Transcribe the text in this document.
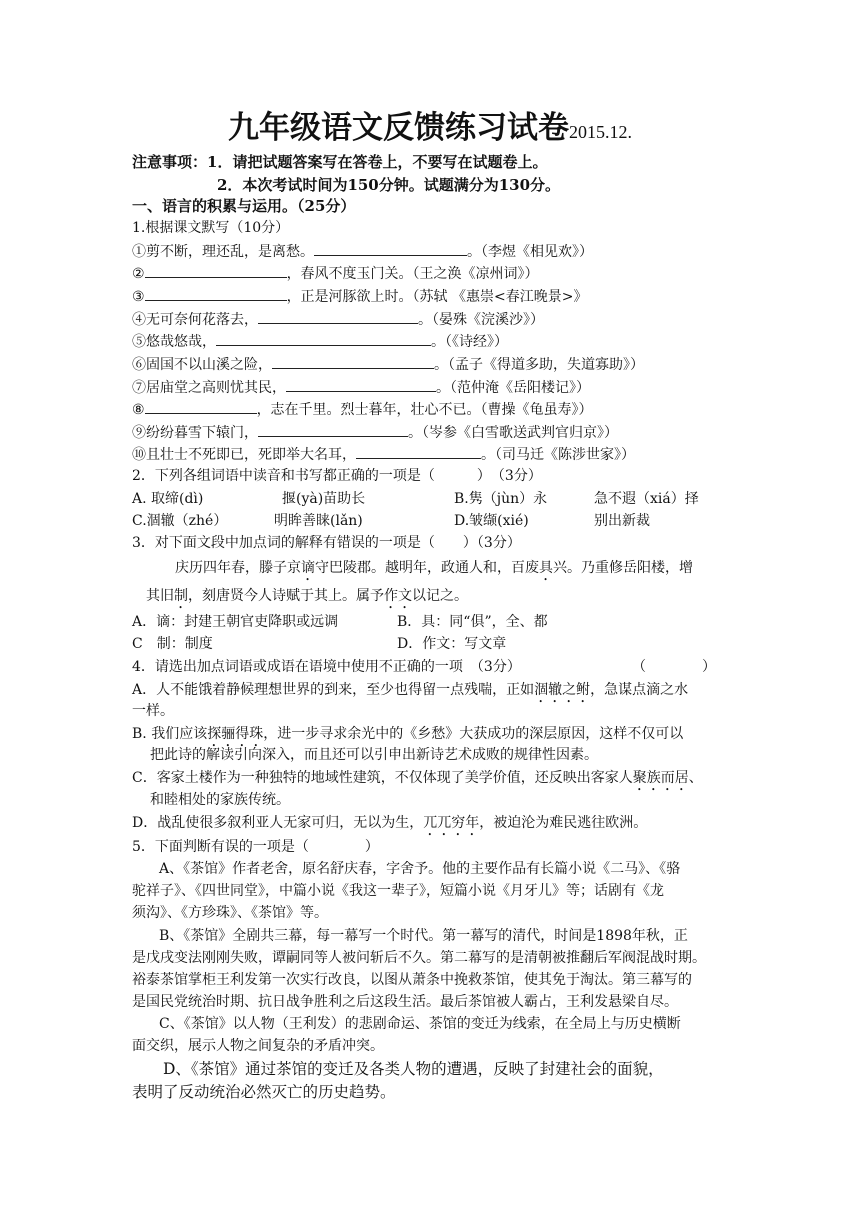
九年级语文反馈练习试卷2015.12.
注意事项：1．请把试题答案写在答卷上，不要写在试题卷上。
2．本次考试时间为150分钟。试题满分为130分。
一、语言的积累与运用。（25分）
1.根据课文默写（10分）
①剪不断，理还乱，是离愁。	。（李煜《相见欢》）
②	，春风不度玉门关。（王之涣《凉州词》）
③	，正是河豚欲上时。（苏轼 《惠崇<春江晚景>》
④无可奈何花落去，	。（晏殊《浣溪沙》）
⑤悠哉悠哉，	。（《诗经》）
⑥固国不以山溪之险，	。（孟子《得道多助，失道寡助》）
⑦居庙堂之高则忧其民，	。（范仲淹《岳阳楼记》）
⑧	，志在千里。烈士暮年，壮心不已。（曹操《龟虽寿》）
⑨纷纷暮雪下辕门，	。（岑参《白雪歌送武判官归京》）
⑩且壮士不死即已，死即举大名耳，	。（司马迁《陈涉世家》）
2．下列各组词语中读音和书写都正确的一项是（　　　）　（3分）
A. 取缔(dì)	揠(yà)苗助长	B.隽（jùn）永	急不遐（xiá）择
C.涸辙（zhé）	明眸善睐(lǎn)	D.皱缬(xié)	别出新裁
3．对下面文段中加点词的解释有错误的一项是（　　）（3分）
庆历四年春，滕子京谪守巴陵郡。越明年，政通人和，百废具兴。乃重修岳阳楼，增
其旧制，刻唐贤今人诗赋于其上。属予作文以记之。
A．谪：封建王朝官吏降职或远调	B．具：同“俱”，全、都
C　制：制度	D．作文：写文章
4．请选出加点词语或成语在语境中使用不正确的一项　（3分）	（　　　　）
A．人不能饿着静候理想世界的到来，至少也得留一点残喘，正如涸辙之鲋，急谋点滴之水
一样。
B. 我们应该探骊得珠，进一步寻求余光中的《乡愁》大获成功的深层原因，这样不仅可以
把此诗的解读引向深入，而且还可以引申出新诗艺术成败的规律性因素。
C．客家土楼作为一种独特的地域性建筑，不仅体现了美学价值，还反映出客家人聚族而居、
和睦相处的家族传统。
D．战乱使很多叙利亚人无家可归，无以为生，兀兀穷年，被迫沦为难民逃往欧洲。
5．下面判断有误的一项是（　　　　）
A、《茶馆》作者老舍，原名舒庆春，字舍予。他的主要作品有长篇小说《二马》、《骆
驼祥子》、《四世同堂》，中篇小说《我这一辈子》，短篇小说《月牙儿》等；话剧有《龙
须沟》、《方珍珠》、《茶馆》等。
B、《茶馆》全剧共三幕，每一幕写一个时代。第一幕写的清代，时间是1898年秋，正
是戊戌变法刚刚失败，谭嗣同等人被问斩后不久。第二幕写的是清朝被推翻后军阀混战时期。
裕泰茶馆掌柜王利发第一次实行改良，以图从萧条中挽救茶馆，使其免于淘汰。第三幕写的
是国民党统治时期、抗日战争胜利之后这段生活。最后茶馆被人霸占，王利发悬梁自尽。
C、《茶馆》以人物（王利发）的悲剧命运、茶馆的变迁为线索，在全局上与历史横断
面交织，展示人物之间复杂的矛盾冲突。
D、《茶馆》通过茶馆的变迁及各类人物的遭遇，反映了封建社会的面貌，
表明了反动统治必然灭亡的历史趋势。
